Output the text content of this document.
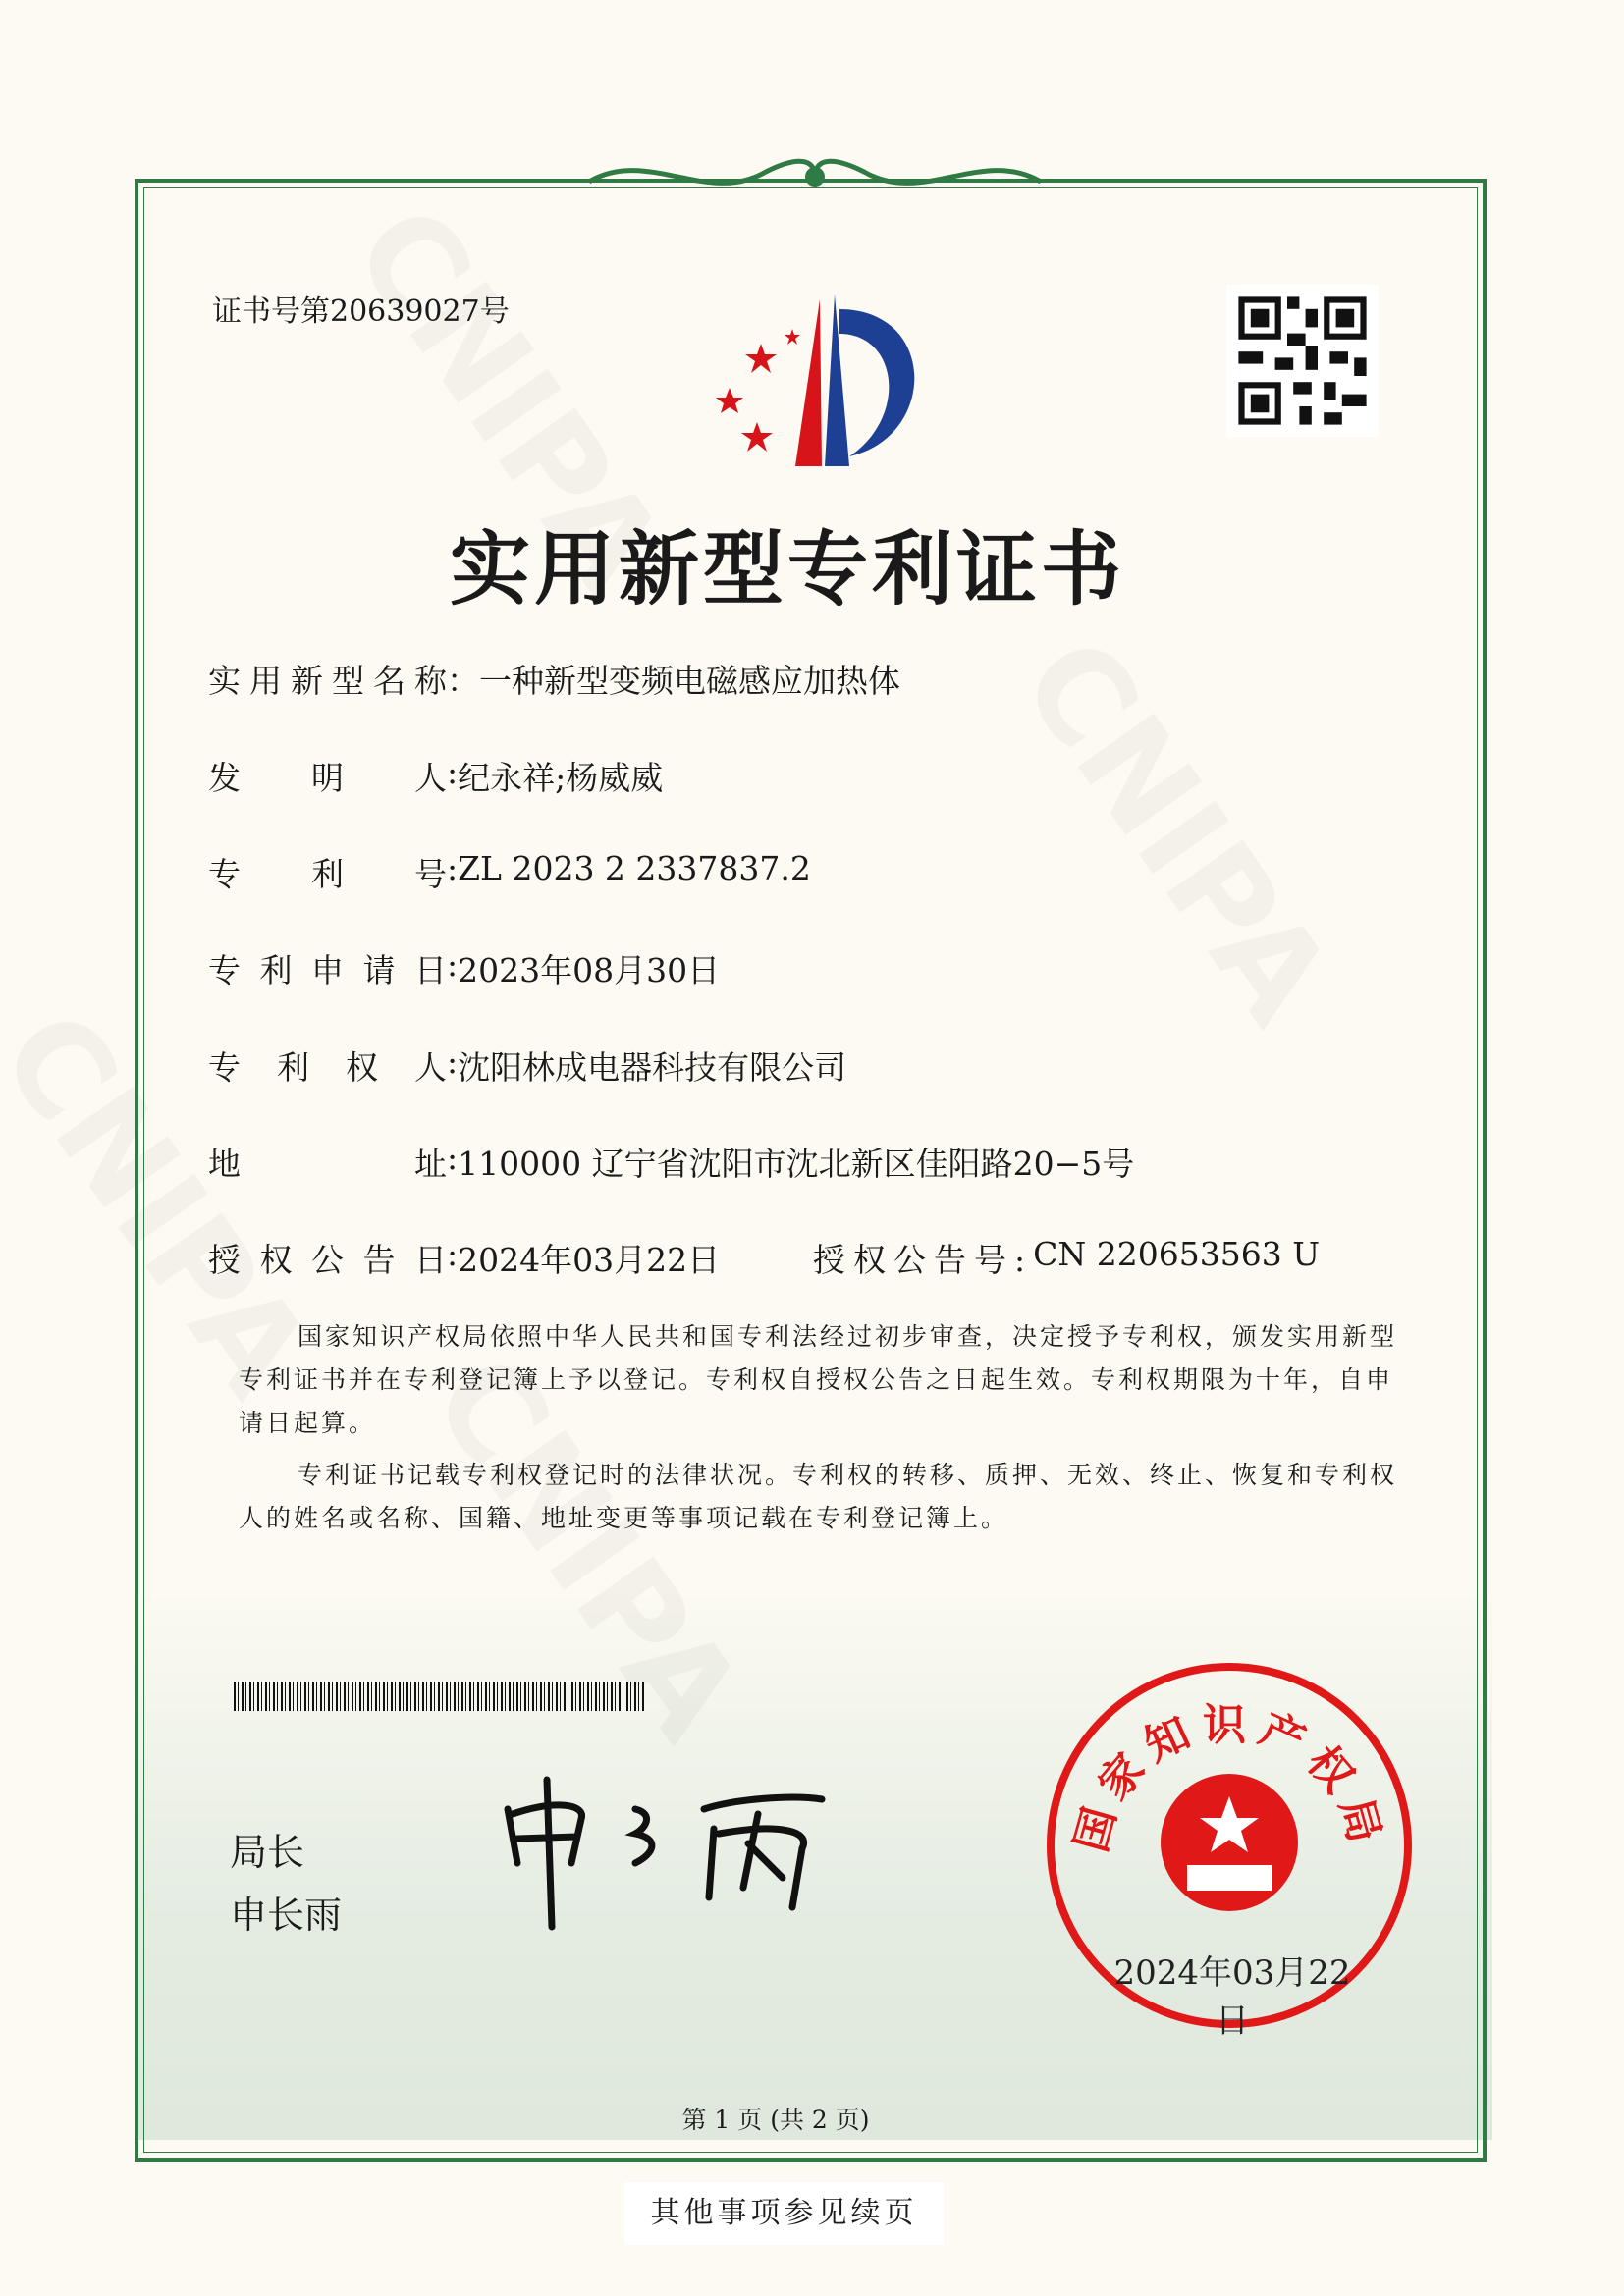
证书号第20639027号
实用新型专利证书
实 用 新 型 名 称 ： 一种新型变频电磁感应加热体
发 明 人 : 纪永祥;杨威威
专 利 号 : ZL 2023 2 2337837.2
专 利 申 请 日 : 2023年08月30日
专 利 权 人 : 沈阳林成电器科技有限公司
地	址 : 110000 辽宁省沈阳市沈北新区佳阳路20−5号
授 权 公 告 日 : 2024年03月22日	授权公告号: CN 220653563 U

国家知识产权局依照中华人民共和国专利法经过初步审查，决定授予专利权，颁发实用新型专利证书并在专利登记簿上予以登记。专利权自授权公告之日起生效。专利权期限为十年，自申请日起算。

专利证书记载专利权登记时的法律状况。专利权的转移、质押、无效、终止、恢复和专利权人的姓名或名称、国籍、地址变更等事项记载在专利登记簿上。

局长
申长雨
国家知识产权局
2024年03月22日
第 1 页 (共 2 页)
其他事项参见续页
